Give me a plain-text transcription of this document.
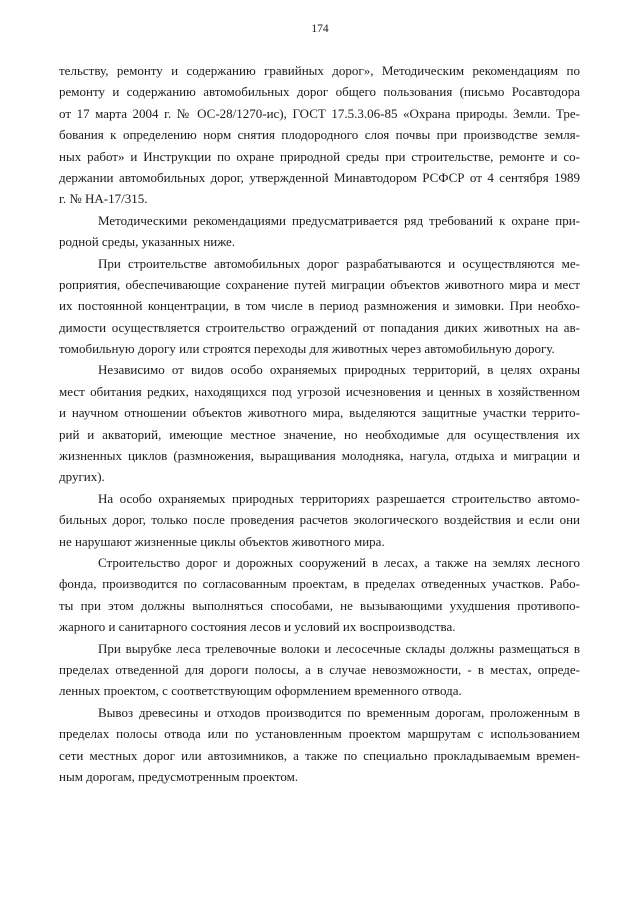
174
тельству, ремонту и содержанию гравийных дорог», Методическим рекомендациям по
ремонту и содержанию автомобильных дорог общего пользования (письмо Росавтодора
от 17 марта 2004 г. № ОС-28/1270-ис), ГОСТ 17.5.3.06-85 «Охрана природы. Земли. Тре-
бования к определению норм снятия плодородного слоя почвы при производстве земля-
ных работ» и Инструкции по охране природной среды при строительстве, ремонте и со-
держании автомобильных дорог, утвержденной Минавтодором РСФСР от 4 сентября 1989
г. № НА-17/315.
Методическими рекомендациями предусматривается ряд требований к охране при-
родной среды, указанных ниже.
При строительстве автомобильных дорог разрабатываются и осуществляются ме-
роприятия, обеспечивающие сохранение путей миграции объектов животного мира и мест
их постоянной концентрации, в том числе в период размножения и зимовки. При необхо-
димости осуществляется строительство ограждений от попадания диких животных на ав-
томобильную дорогу или строятся переходы для животных через автомобильную дорогу.
Независимо от видов особо охраняемых природных территорий, в целях охраны
мест обитания редких, находящихся под угрозой исчезновения и ценных в хозяйственном
и научном отношении объектов животного мира, выделяются защитные участки террито-
рий и акваторий, имеющие местное значение, но необходимые для осуществления их
жизненных циклов (размножения, выращивания молодняка, нагула, отдыха и миграции и
других).
На особо охраняемых природных территориях разрешается строительство автомо-
бильных дорог, только после проведения расчетов экологического воздействия и если они
не нарушают жизненные циклы объектов животного мира.
Строительство дорог и дорожных сооружений в лесах, а также на землях лесного
фонда, производится по согласованным проектам, в пределах отведенных участков. Рабо-
ты при этом должны выполняться способами, не вызывающими ухудшения противопо-
жарного и санитарного состояния лесов и условий их воспроизводства.
При вырубке леса трелевочные волоки и лесосечные склады должны размещаться в
пределах отведенной для дороги полосы, а в случае невозможности, - в местах, опреде-
ленных проектом, с соответствующим оформлением временного отвода.
Вывоз древесины и отходов производится по временным дорогам, проложенным в
пределах полосы отвода или по установленным проектом маршрутам с использованием
сети местных дорог или автозимников, а также по специально прокладываемым времен-
ным дорогам, предусмотренным проектом.
